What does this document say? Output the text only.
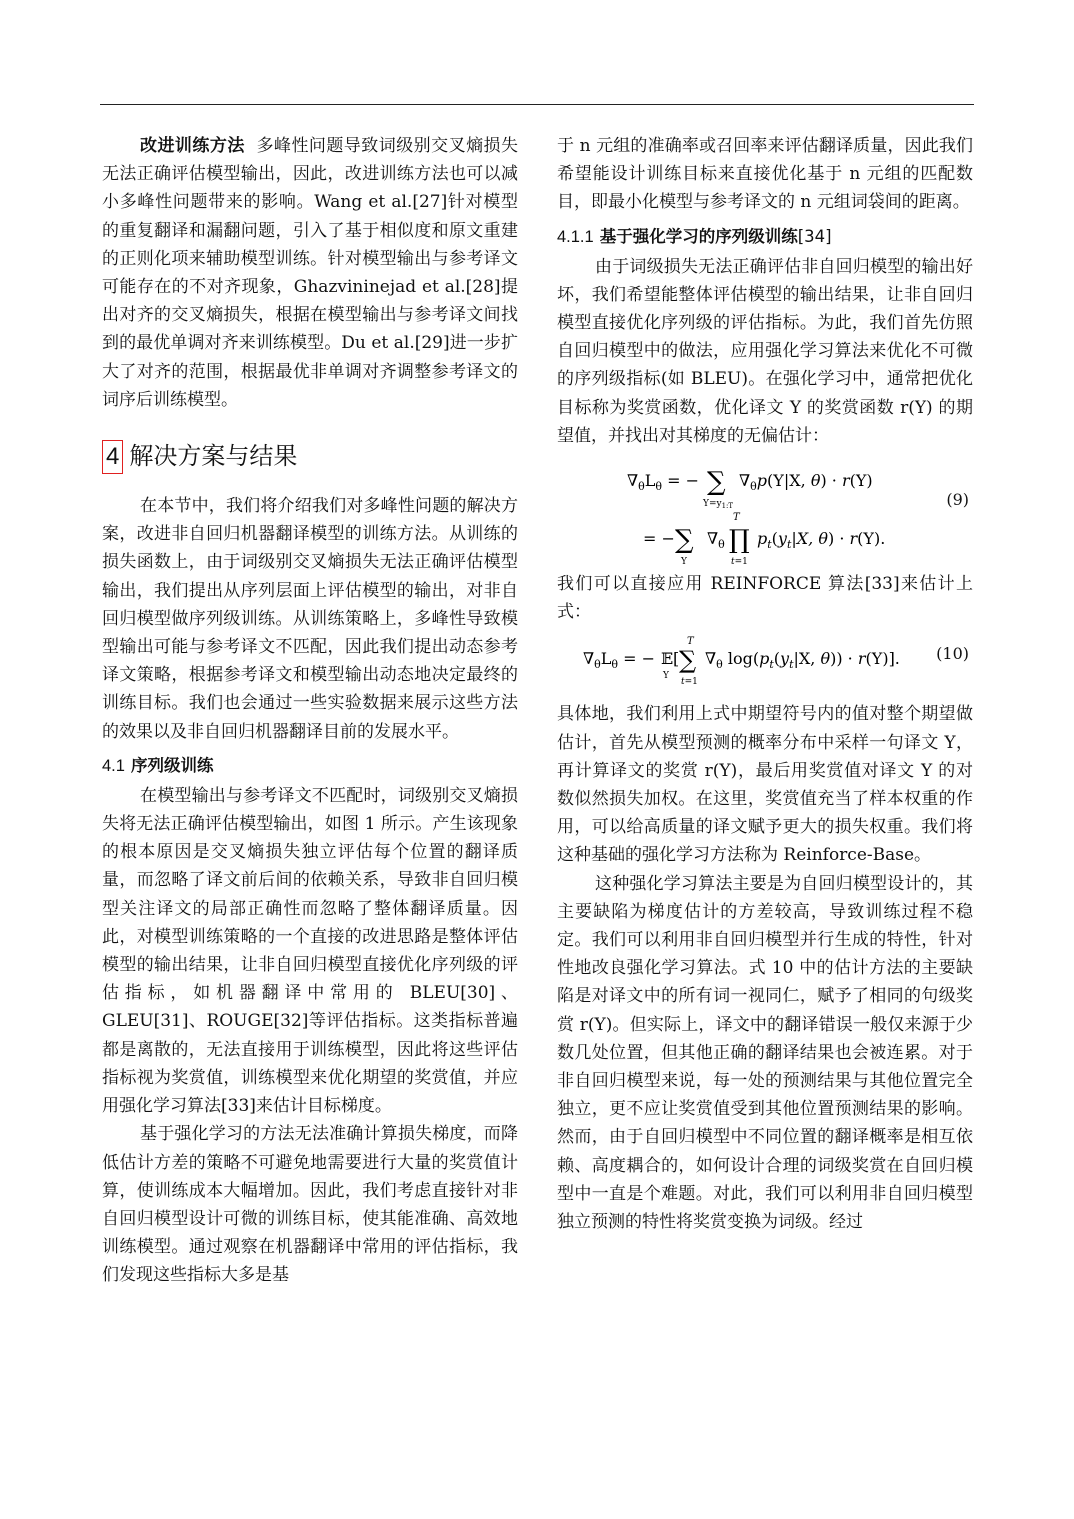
改进训练方法 多峰性问题导致词级别交叉熵损失无法正确评估模型输出，因此，改进训练方法也可以减小多峰性问题带来的影响。Wang et al.[27]针对模型的重复翻译和漏翻问题，引入了基于相似度和原文重建的正则化项来辅助模型训练。针对模型输出与参考译文可能存在的不对齐现象，Ghazvininejad et al.[28]提出对齐的交叉熵损失，根据在模型输出与参考译文间找到的最优单调对齐来训练模型。Du et al.[29]进一步扩大了对齐的范围，根据最优非单调对齐调整参考译文的词序后训练模型。

4 解决方案与结果

在本节中，我们将介绍我们对多峰性问题的解决方案，改进非自回归机器翻译模型的训练方法。从训练的损失函数上，由于词级别交叉熵损失无法正确评估模型输出，我们提出从序列层面上评估模型的输出，对非自回归模型做序列级训练。从训练策略上，多峰性导致模型输出可能与参考译文不匹配，因此我们提出动态参考译文策略，根据参考译文和模型输出动态地决定最终的训练目标。我们也会通过一些实验数据来展示这些方法的效果以及非自回归机器翻译目前的发展水平。

4.1 序列级训练

在模型输出与参考译文不匹配时，词级别交叉熵损失将无法正确评估模型输出，如图 1 所示。产生该现象的根本原因是交叉熵损失独立评估每个位置的翻译质量，而忽略了译文前后间的依赖关系，导致非自回归模型关注译文的局部正确性而忽略了整体翻译质量。因此，对模型训练策略的一个直接的改进思路是整体评估模型的输出结果，让非自回归模型直接优化序列级的评估指标，如机器翻译中常用的 BLEU[30]、GLEU[31]、ROUGE[32]等评估指标。这类指标普遍都是离散的，无法直接用于训练模型，因此将这些评估指标视为奖赏值，训练模型来优化期望的奖赏值，并应用强化学习算法[33]来估计目标梯度。

基于强化学习的方法无法准确计算损失梯度，而降低估计方差的策略不可避免地需要进行大量的奖赏值计算，使训练成本大幅增加。因此，我们考虑直接针对非自回归模型设计可微的训练目标，使其能准确、高效地训练模型。通过观察在机器翻译中常用的评估指标，我们发现这些指标大多是基

于 n 元组的准确率或召回率来评估翻译质量，因此我们希望能设计训练目标来直接优化基于 n 元组的匹配数目，即最小化模型与参考译文的 n 元组词袋间的距离。

4.1.1 基于强化学习的序列级训练[34]

由于词级损失无法正确评估非自回归模型的输出好坏，我们希望能整体评估模型的输出结果，让非自回归模型直接优化序列级的评估指标。为此，我们首先仿照自回归模型中的做法，应用强化学习算法来优化不可微的序列级指标(如 BLEU)。在强化学习中，通常把优化目标称为奖赏函数，优化译文 Y 的奖赏函数 r(Y) 的期望值，并找出对其梯度的无偏估计：

$\nabla_\theta L_\theta$ = − ∑
$Y=y_{1:T}$
$\nabla_\theta p(Y|X$, θ) · r(Y)
= − ∑
Y
$\nabla_\theta$
T
∏
t=1
$p_t(y_t|X$, θ) · r(Y).
(9)

我们可以直接应用 REINFORCE 算法[33]来估计上式：

$\nabla_\theta L_\theta$ = − 𝔼
Y
[
T
∑
t=1
$\nabla_\theta$ $\log(p_t(y_t|X$, θ)) · r(Y)]. (10)

具体地，我们利用上式中期望符号内的值对整个期望做估计，首先从模型预测的概率分布中采样一句译文 Y，再计算译文的奖赏 r(Y)，最后用奖赏值对译文 Y 的对数似然损失加权。在这里，奖赏值充当了样本权重的作用，可以给高质量的译文赋予更大的损失权重。我们将这种基础的强化学习方法称为 Reinforce-Base。

这种强化学习算法主要是为自回归模型设计的，其主要缺陷为梯度估计的方差较高，导致训练过程不稳定。我们可以利用非自回归模型并行生成的特性，针对性地改良强化学习算法。式 10 中的估计方法的主要缺陷是对译文中的所有词一视同仁，赋予了相同的句级奖赏 r(Y)。但实际上，译文中的翻译错误一般仅来源于少数几处位置，但其他正确的翻译结果也会被连累。对于非自回归模型来说，每一处的预测结果与其他位置完全独立，更不应让奖赏值受到其他位置预测结果的影响。然而，由于自回归模型中不同位置的翻译概率是相互依赖、高度耦合的，如何设计合理的词级奖赏在自回归模型中一直是个难题。对此，我们可以利用非自回归模型独立预测的特性将奖赏变换为词级。经过
